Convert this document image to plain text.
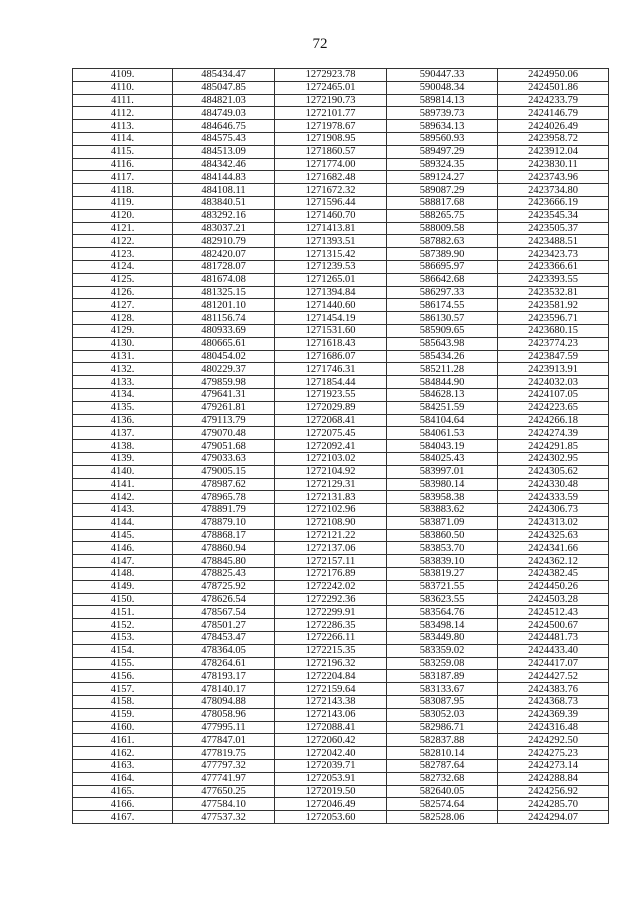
72
4109.	485434.47	1272923.78	590447.33	2424950.06
4110.	485047.85	1272465.01	590048.34	2424501.86
4111.	484821.03	1272190.73	589814.13	2424233.79
4112.	484749.03	1272101.77	589739.73	2424146.79
4113.	484646.75	1271978.67	589634.13	2424026.49
4114.	484575.43	1271908.95	589560.93	2423958.72
4115.	484513.09	1271860.57	589497.29	2423912.04
4116.	484342.46	1271774.00	589324.35	2423830.11
4117.	484144.83	1271682.48	589124.27	2423743.96
4118.	484108.11	1271672.32	589087.29	2423734.80
4119.	483840.51	1271596.44	588817.68	2423666.19
4120.	483292.16	1271460.70	588265.75	2423545.34
4121.	483037.21	1271413.81	588009.58	2423505.37
4122.	482910.79	1271393.51	587882.63	2423488.51
4123.	482420.07	1271315.42	587389.90	2423423.73
4124.	481728.07	1271239.53	586695.97	2423366.61
4125.	481674.08	1271265.01	586642.68	2423393.55
4126.	481325.15	1271394.84	586297.33	2423532.81
4127.	481201.10	1271440.60	586174.55	2423581.92
4128.	481156.74	1271454.19	586130.57	2423596.71
4129.	480933.69	1271531.60	585909.65	2423680.15
4130.	480665.61	1271618.43	585643.98	2423774.23
4131.	480454.02	1271686.07	585434.26	2423847.59
4132.	480229.37	1271746.31	585211.28	2423913.91
4133.	479859.98	1271854.44	584844.90	2424032.03
4134.	479641.31	1271923.55	584628.13	2424107.05
4135.	479261.81	1272029.89	584251.59	2424223.65
4136.	479113.79	1272068.41	584104.64	2424266.18
4137.	479070.48	1272075.45	584061.53	2424274.39
4138.	479051.68	1272092.41	584043.19	2424291.85
4139.	479033.63	1272103.02	584025.43	2424302.95
4140.	479005.15	1272104.92	583997.01	2424305.62
4141.	478987.62	1272129.31	583980.14	2424330.48
4142.	478965.78	1272131.83	583958.38	2424333.59
4143.	478891.79	1272102.96	583883.62	2424306.73
4144.	478879.10	1272108.90	583871.09	2424313.02
4145.	478868.17	1272121.22	583860.50	2424325.63
4146.	478860.94	1272137.06	583853.70	2424341.66
4147.	478845.80	1272157.11	583839.10	2424362.12
4148.	478825.43	1272176.89	583819.27	2424382.45
4149.	478725.92	1272242.02	583721.55	2424450.26
4150.	478626.54	1272292.36	583623.55	2424503.28
4151.	478567.54	1272299.91	583564.76	2424512.43
4152.	478501.27	1272286.35	583498.14	2424500.67
4153.	478453.47	1272266.11	583449.80	2424481.73
4154.	478364.05	1272215.35	583359.02	2424433.40
4155.	478264.61	1272196.32	583259.08	2424417.07
4156.	478193.17	1272204.84	583187.89	2424427.52
4157.	478140.17	1272159.64	583133.67	2424383.76
4158.	478094.88	1272143.38	583087.95	2424368.73
4159.	478058.96	1272143.06	583052.03	2424369.39
4160.	477995.11	1272088.41	582986.71	2424316.48
4161.	477847.01	1272060.42	582837.88	2424292.50
4162.	477819.75	1272042.40	582810.14	2424275.23
4163.	477797.32	1272039.71	582787.64	2424273.14
4164.	477741.97	1272053.91	582732.68	2424288.84
4165.	477650.25	1272019.50	582640.05	2424256.92
4166.	477584.10	1272046.49	582574.64	2424285.70
4167.	477537.32	1272053.60	582528.06	2424294.07
